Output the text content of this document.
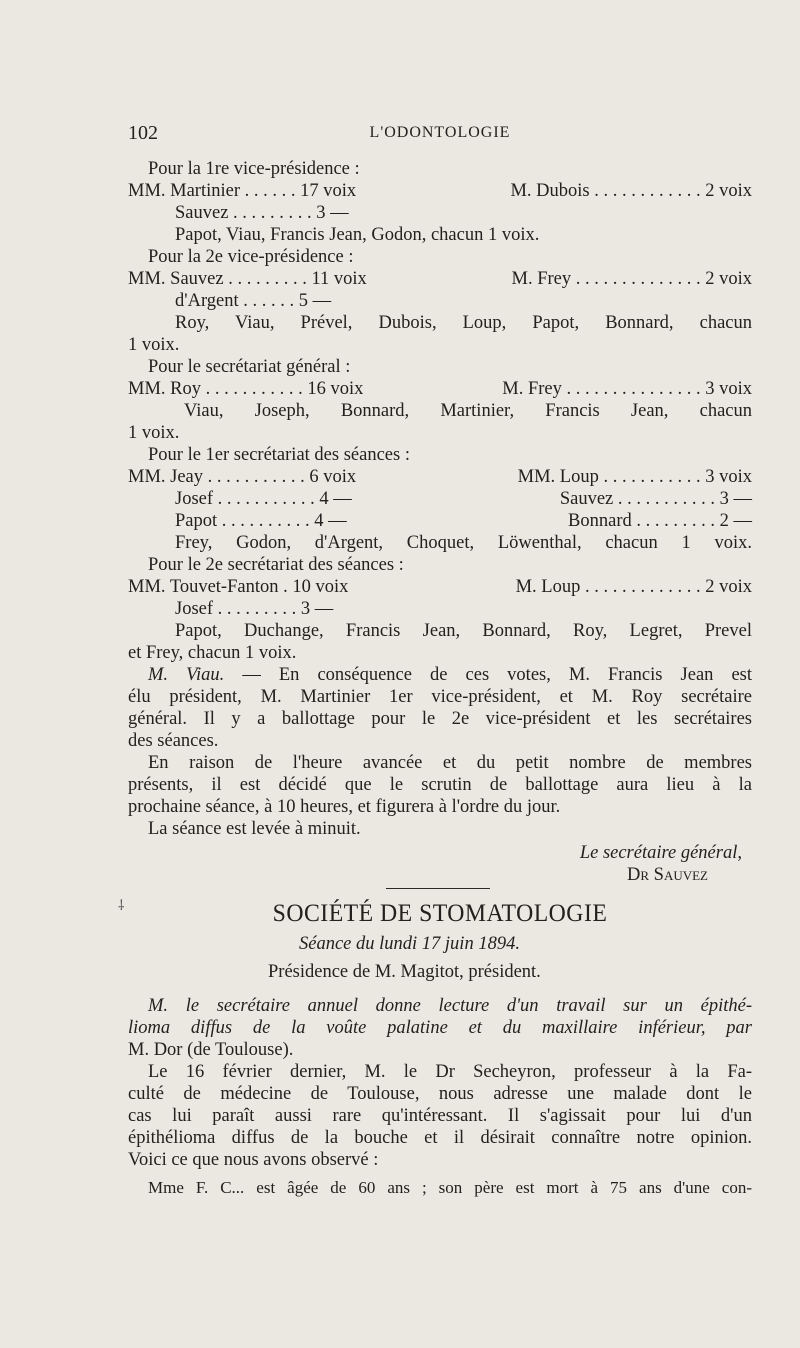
102	L'ODONTOLOGIE
Pour la 1re vice-présidence :
MM. Martinier . . . . . . 17 voix	M. Dubois . . . . . . . . . . . . 2 voix
Sauvez . . . . . . . . . 3 —
Papot, Viau, Francis Jean, Godon, chacun 1 voix.
Pour la 2e vice-présidence :
MM. Sauvez . . . . . . . . . 11 voix	M. Frey . . . . . . . . . . . . . . 2 voix
d'Argent . . . . . . 5 —
Roy, Viau, Prével, Dubois, Loup, Papot, Bonnard, chacun
1 voix.
Pour le secrétariat général :
MM. Roy . . . . . . . . . . . 16 voix	M. Frey . . . . . . . . . . . . . . . 3 voix
Viau, Joseph, Bonnard, Martinier, Francis Jean, chacun
1 voix.
Pour le 1er secrétariat des séances :
MM. Jeay . . . . . . . . . . . 6 voix	MM. Loup . . . . . . . . . . . 3 voix
Josef . . . . . . . . . . . 4 —	Sauvez . . . . . . . . . . . 3 —
Papot . . . . . . . . . . 4 —	Bonnard . . . . . . . . . 2 —
Frey, Godon, d'Argent, Choquet, Löwenthal, chacun 1 voix.
Pour le 2e secrétariat des séances :
MM. Touvet-Fanton . 10 voix	M. Loup . . . . . . . . . . . . . 2 voix
Josef . . . . . . . . . 3 —
Papot, Duchange, Francis Jean, Bonnard, Roy, Legret, Prevel
et Frey, chacun 1 voix.
M. Viau. — En conséquence de ces votes, M. Francis Jean est
élu président, M. Martinier 1er vice-président, et M. Roy secrétaire
général. Il y a ballottage pour le 2e vice-président et les secrétaires
des séances.
En raison de l'heure avancée et du petit nombre de membres
présents, il est décidé que le scrutin de ballottage aura lieu à la
prochaine séance, à 10 heures, et figurera à l'ordre du jour.
La séance est levée à minuit.
Le secrétaire général,
Dr Sauvez
⸸	SOCIÉTÉ DE STOMATOLOGIE
Séance du lundi 17 juin 1894.
Présidence de M. Magitot, président.
M. le secrétaire annuel donne lecture d'un travail sur un épithé-
lioma diffus de la voûte palatine et du maxillaire inférieur, par
M. Dor (de Toulouse).
Le 16 février dernier, M. le Dr Secheyron, professeur à la Fa-
culté de médecine de Toulouse, nous adresse une malade dont le
cas lui paraît aussi rare qu'intéressant. Il s'agissait pour lui d'un
épithélioma diffus de la bouche et il désirait connaître notre opinion.
Voici ce que nous avons observé :
Mme F. C... est âgée de 60 ans ; son père est mort à 75 ans d'une con-
